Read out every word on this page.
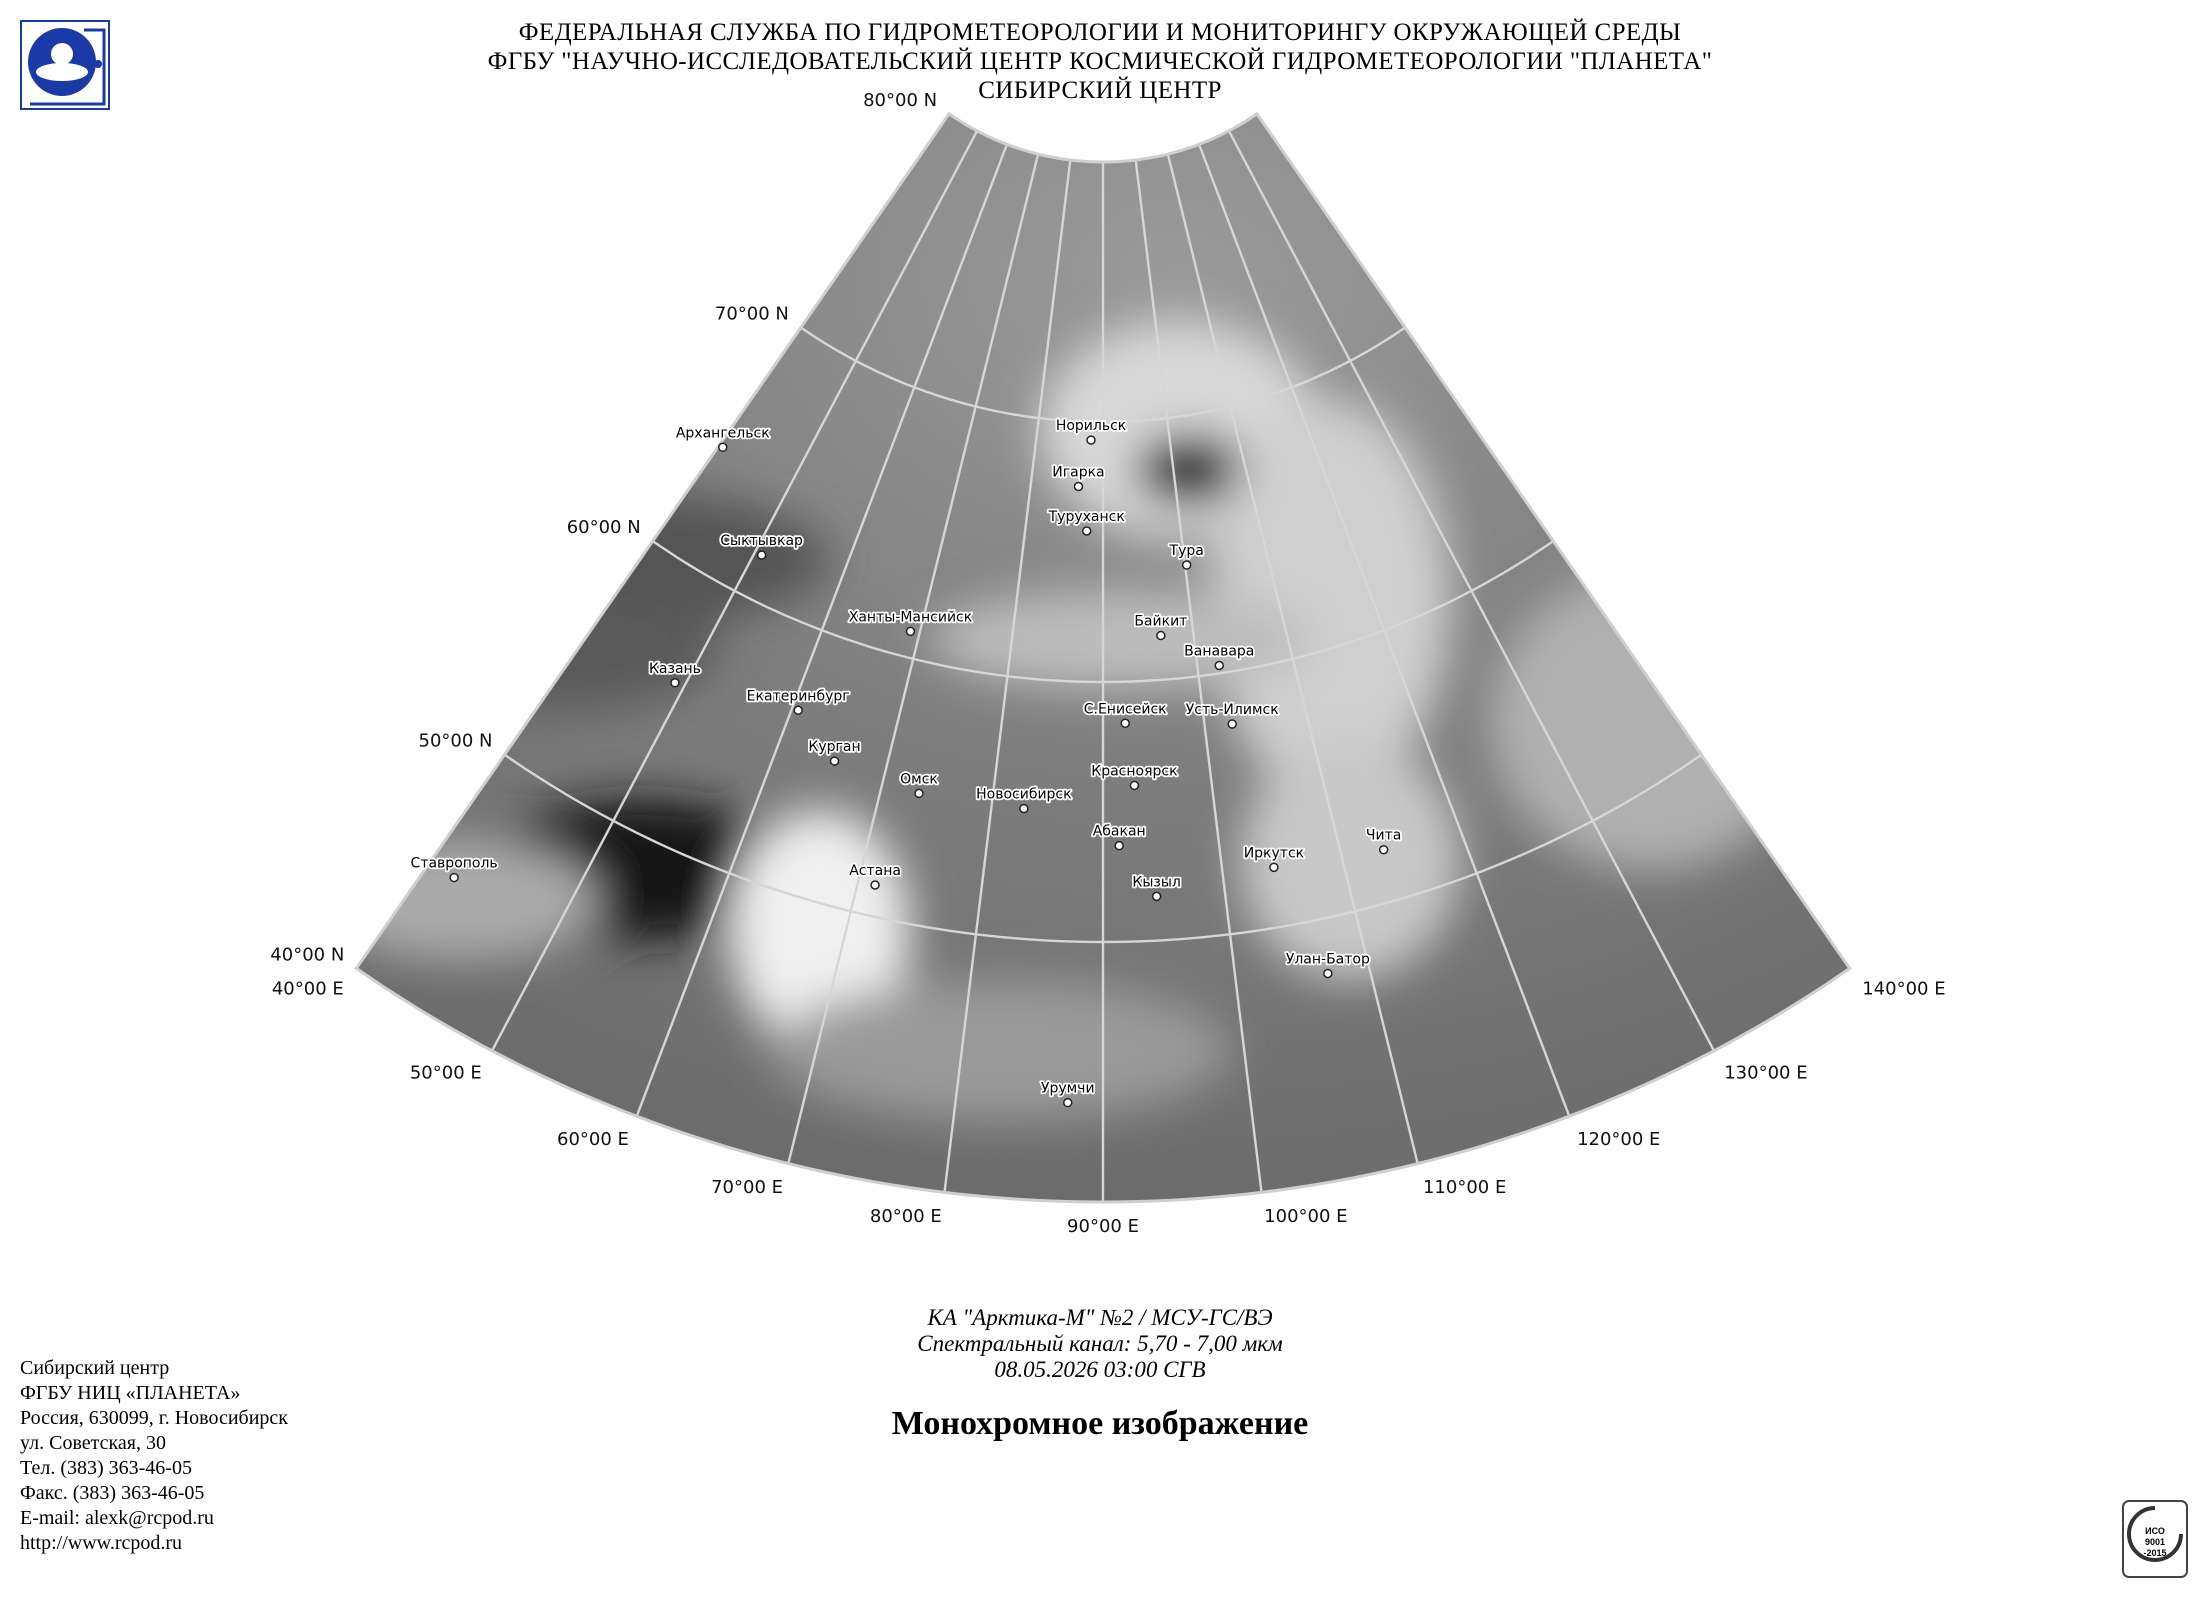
ФЕДЕРАЛЬНАЯ СЛУЖБА ПО ГИДРОМЕТЕОРОЛОГИИ И МОНИТОРИНГУ ОКРУЖАЮЩЕЙ СРЕДЫ
ФГБУ "НАУЧНО-ИССЛЕДОВАТЕЛЬСКИЙ ЦЕНТР КОСМИЧЕСКОЙ ГИДРОМЕТЕОРОЛОГИИ "ПЛАНЕТА"
СИБИРСКИЙ ЦЕНТР
80°00 N
70°00 N
60°00 N
50°00 N
40°00 N
40°00 E
50°00 E
60°00 E
70°00 E
80°00 E	90°00 E	100°00 E
110°00 E
120°00 E
130°00 E
140°00 E
Архангельск
Сыктывкар
Казань
Ставрополь
Екатеринбург
Ханты-Мансийск
Курган
Омск
Астана
Новосибирск
Норильск
Игарка
Туруханск
Тура
Байкит
С.Енисейск
Ванавара
Усть-Илимск
Красноярск
Абакан
Кызыл
Иркутск
Чита
Улан-Батор
Урумчи
КА "Арктика-М" №2 / МСУ-ГС/ВЭ
Спектральный канал: 5,70 - 7,00 мкм
08.05.2026 03:00 СГВ
Монохромное изображение
Сибирский центр
ФГБУ НИЦ «ПЛАНЕТА»
Россия, 630099, г. Новосибирск
ул. Советская, 30
Тел. (383) 363-46-05
Факс. (383) 363-46-05
E-mail: alexk@rcpod.ru
http://www.rcpod.ru
ИСО
9001
-2015
